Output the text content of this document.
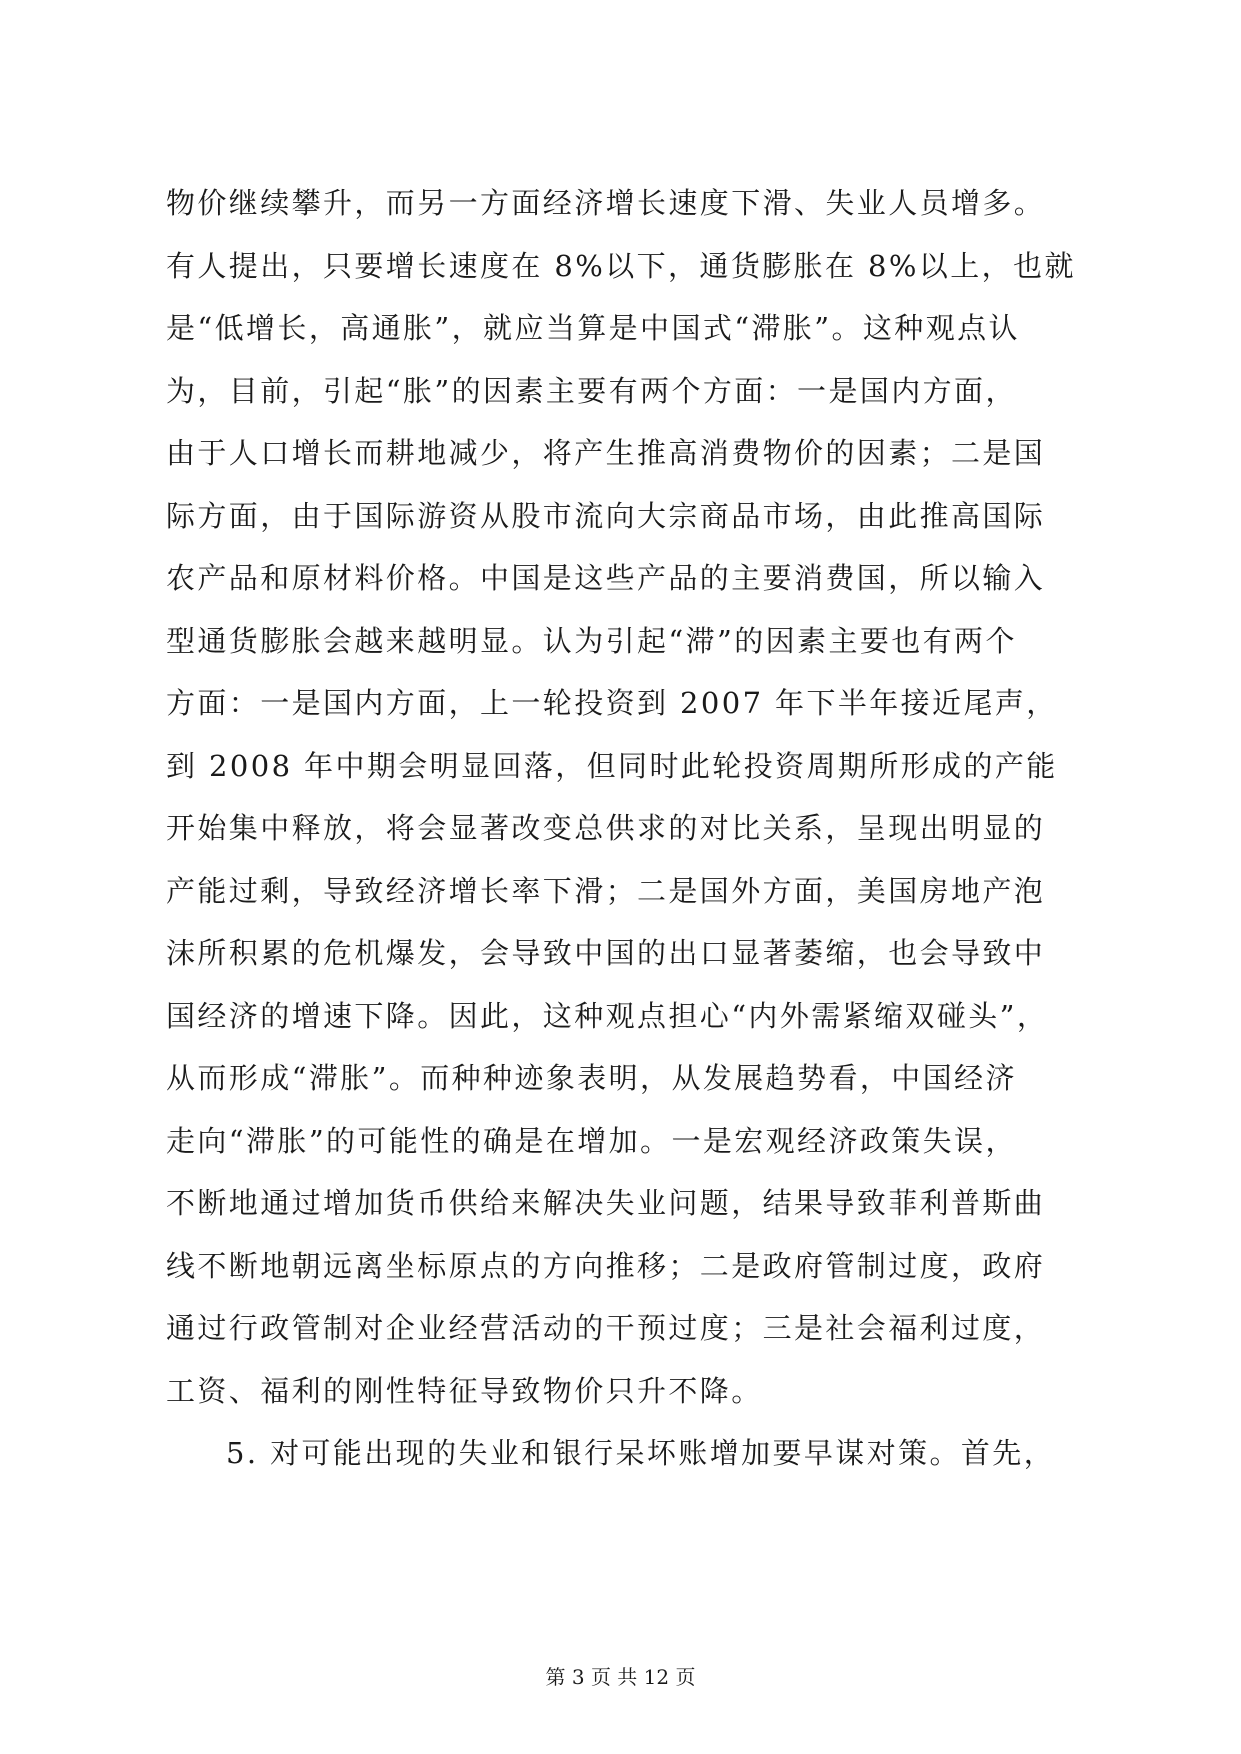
物价继续攀升，而另一方面经济增长速度下滑、失业人员增多。
有人提出，只要增长速度在 8%以下，通货膨胀在 8%以上，也就
是“低增长，高通胀”，就应当算是中国式“滞胀”。这种观点认
为，目前，引起“胀”的因素主要有两个方面：一是国内方面，
由于人口增长而耕地减少，将产生推高消费物价的因素；二是国
际方面，由于国际游资从股市流向大宗商品市场，由此推高国际
农产品和原材料价格。中国是这些产品的主要消费国，所以输入
型通货膨胀会越来越明显。认为引起“滞”的因素主要也有两个
方面：一是国内方面，上一轮投资到 2007 年下半年接近尾声，
到 2008 年中期会明显回落，但同时此轮投资周期所形成的产能
开始集中释放，将会显著改变总供求的对比关系，呈现出明显的
产能过剩，导致经济增长率下滑；二是国外方面，美国房地产泡
沫所积累的危机爆发，会导致中国的出口显著萎缩，也会导致中
国经济的增速下降。因此，这种观点担心“内外需紧缩双碰头”，
从而形成“滞胀”。而种种迹象表明，从发展趋势看，中国经济
走向“滞胀”的可能性的确是在增加。一是宏观经济政策失误，
不断地通过增加货币供给来解决失业问题，结果导致菲利普斯曲
线不断地朝远离坐标原点的方向推移；二是政府管制过度，政府
通过行政管制对企业经营活动的干预过度；三是社会福利过度，
工资、福利的刚性特征导致物价只升不降。
5. 对可能出现的失业和银行呆坏账增加要早谋对策。首先，
第 3 页 共 12 页
